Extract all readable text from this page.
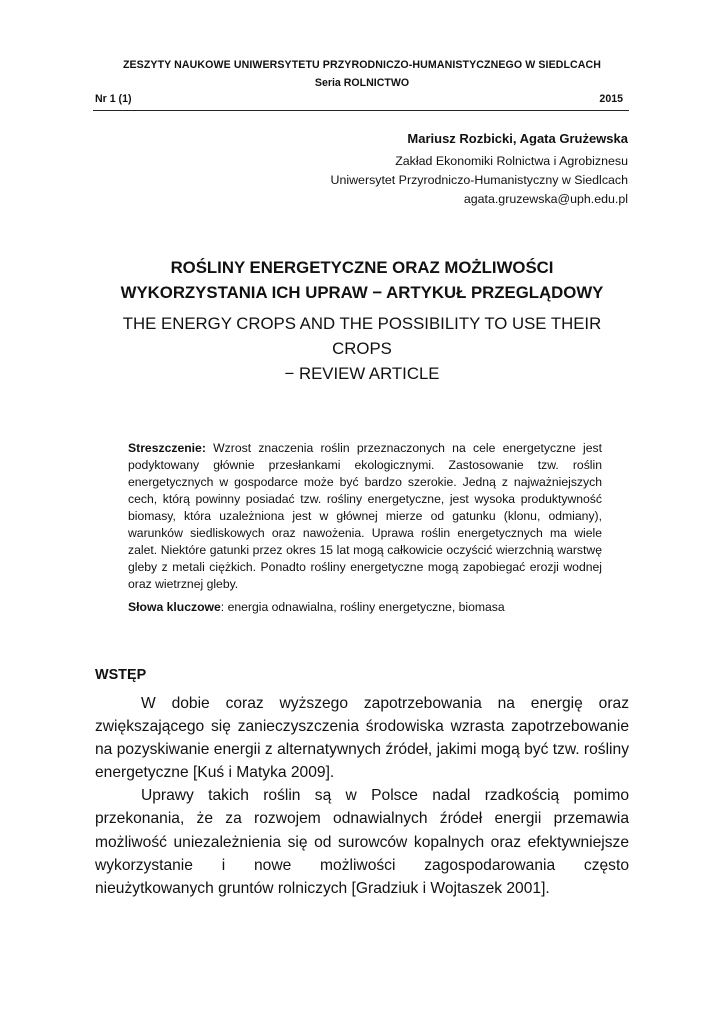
ZESZYTY NAUKOWE UNIWERSYTETU PRZYRODNICZO-HUMANISTYCZNEGO W SIEDLCACH
Seria ROLNICTWO
Nr 1 (1)	2015
Mariusz Rozbicki, Agata Grużewska
Zakład Ekonomiki Rolnictwa i Agrobiznesu
Uniwersytet Przyrodniczo-Humanistyczny w Siedlcach
agata.gruzewska@uph.edu.pl
ROŚLINY ENERGETYCZNE ORAZ MOŻLIWOŚCI
WYKORZYSTANIA ICH UPRAW − ARTYKUŁ PRZEGLĄDOWY
THE ENERGY CROPS AND THE POSSIBILITY TO USE THEIR CROPS
− REVIEW ARTICLE
Streszczenie: Wzrost znaczenia roślin przeznaczonych na cele energetyczne jest podyktowany głównie przesłankami ekologicznymi. Zastosowanie tzw. roślin energetycznych w gospodarce może być bardzo szerokie. Jedną z najważniejszych cech, którą powinny posiadać tzw. rośliny energetyczne, jest wysoka produktywność biomasy, która uzależniona jest w głównej mierze od gatunku (klonu, odmiany), warunków siedliskowych oraz nawożenia. Uprawa roślin energetycznych ma wiele zalet. Niektóre gatunki przez okres 15 lat mogą całkowicie oczyścić wierzchnią warstwę gleby z metali ciężkich. Ponadto rośliny energetyczne mogą zapobiegać erozji wodnej oraz wietrznej gleby.
Słowa kluczowe: energia odnawialna, rośliny energetyczne, biomasa
WSTĘP

W dobie coraz wyższego zapotrzebowania na energię oraz zwiększającego się zanieczyszczenia środowiska wzrasta zapotrzebowanie na pozyskiwanie energii z alternatywnych źródeł, jakimi mogą być tzw. rośliny energetyczne [Kuś i Matyka 2009].

Uprawy takich roślin są w Polsce nadal rzadkością pomimo przekonania, że za rozwojem odnawialnych źródeł energii przemawia możliwość uniezależnienia się od surowców kopalnych oraz efektywniejsze wykorzystanie i nowe możliwości zagospodarowania często nieużytkowanych gruntów rolniczych [Gradziuk i Wojtaszek 2001].
